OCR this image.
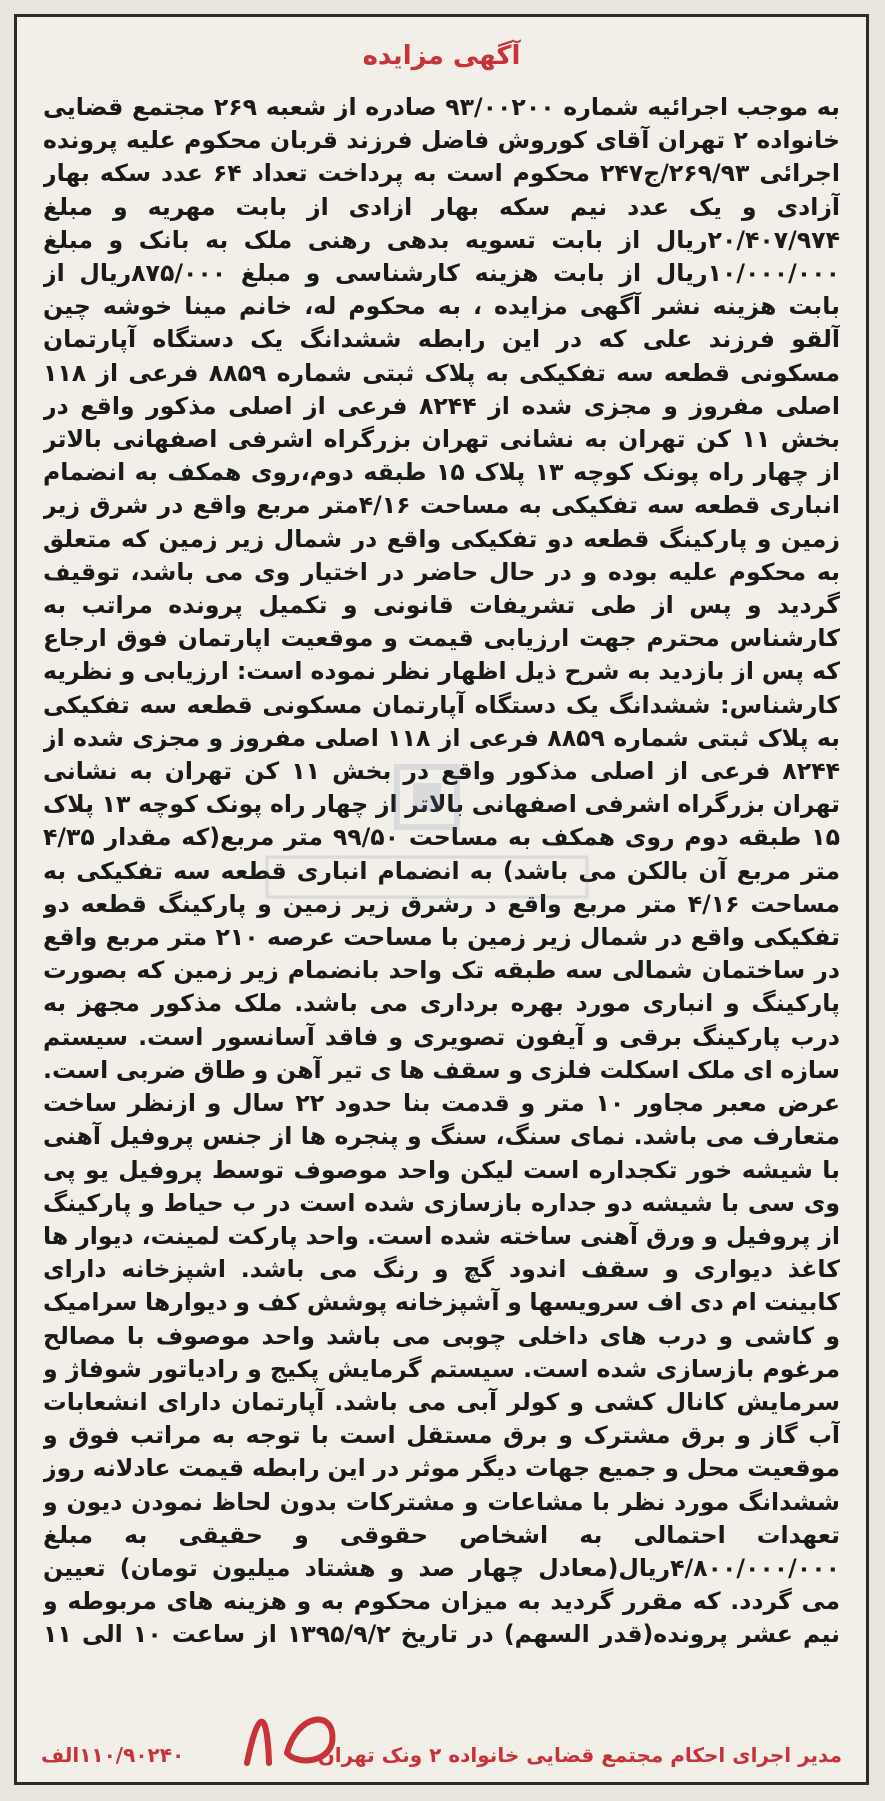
آگهی مزایده
به موجب اجرائیه شماره ۹۳/۰۰۲۰۰ صادره از شعبه ۲۶۹ مجتمع قضایی خانواده ۲ تهران آقای کوروش فاضل فرزند قربان محکوم علیه پرونده اجرائی ۲۶۹/۹۳/ج۲۴۷ محکوم است به پرداخت تعداد ۶۴ عدد سکه بهار آزادی و یک عدد نیم سکه بهار ازادی از بابت مهریه و مبلغ ۲۰/۴۰۷/۹۷۴ریال از بابت تسویه بدهی رهنی ملک به بانک و مبلغ ۱۰/۰۰۰/۰۰۰ریال از بابت هزینه کارشناسی و مبلغ ۸۷۵/۰۰۰ریال از بابت هزینه نشر آگهی مزایده ، به محکوم له، خانم مینا خوشه چین آلقو فرزند علی که در این رابطه ششدانگ یک دستگاه آپارتمان مسکونی قطعه سه تفکیکی به پلاک ثبتی شماره ۸۸۵۹ فرعی از ۱۱۸ اصلی مفروز و مجزی شده از ۸۲۴۴ فرعی از اصلی مذکور واقع در بخش ۱۱ کن تهران به نشانی تهران بزرگراه اشرفی اصفهانی بالاتر از چهار راه پونک کوچه ۱۳ پلاک ۱۵ طبقه دوم،روی همکف به انضمام انباری قطعه سه تفکیکی به مساحت ۴/۱۶متر مربع واقع در شرق زیر زمین و پارکینگ قطعه دو تفکیکی واقع در شمال زیر زمین که متعلق به محکوم علیه بوده و در حال حاضر در اختیار وی می باشد، توقیف گردید و پس از طی تشریفات قانونی و تکمیل پرونده مراتب به کارشناس محترم جهت ارزیابی قیمت و موقعیت اپارتمان فوق ارجاع که پس از بازدید به شرح ذیل اظهار نظر نموده است: ارزیابی و نظریه کارشناس: ششدانگ یک دستگاه آپارتمان مسکونی قطعه سه تفکیکی به پلاک ثبتی شماره ۸۸۵۹ فرعی از ۱۱۸ اصلی مفروز و مجزی شده از ۸۲۴۴ فرعی از اصلی مذکور واقع در بخش ۱۱ کن تهران به نشانی تهران بزرگراه اشرفی اصفهانی بالاتر از چهار راه پونک کوچه ۱۳ پلاک ۱۵ طبقه دوم روی همکف به مساحت ۹۹/۵۰ متر مربع(که مقدار ۴/۳۵ متر مربع آن بالکن می باشد) به انضمام انباری قطعه سه تفکیکی به مساحت ۴/۱۶ متر مربع واقع د رشرق زیر زمین و پارکینگ قطعه دو تفکیکی واقع در شمال زیر زمین با مساحت عرصه ۲۱۰ متر مربع واقع در ساختمان شمالی سه طبقه تک واحد بانضمام زیر زمین که بصورت پارکینگ و انباری مورد بهره برداری می باشد. ملک مذکور مجهز به درب پارکینگ برقی و آیفون تصویری و فاقد آسانسور است. سیستم سازه ای ملک اسکلت فلزی و سقف ها ی تیر آهن و طاق ضربی است. عرض معبر مجاور ۱۰ متر و قدمت بنا حدود ۲۲ سال و ازنظر ساخت متعارف می باشد. نمای سنگ، سنگ و پنجره ها از جنس پروفیل آهنی با شیشه خور تکجداره است لیکن واحد موصوف توسط پروفیل یو پی وی سی با شیشه دو جداره بازسازی شده است در ب حیاط و پارکینگ از پروفیل و ورق آهنی ساخته شده است. واحد پارکت لمینت، دیوار ها کاغذ دیواری و سقف اندود گچ و رنگ می باشد. اشپزخانه دارای کابینت ام دی اف سرویسها و آشپزخانه پوشش کف و دیوارها سرامیک و کاشی و درب های داخلی چوبی می باشد واحد موصوف با مصالح مرغوم بازسازی شده است. سیستم گرمایش پکیج و رادیاتور شوفاژ و سرمایش کانال کشی و کولر آبی می باشد. آپارتمان دارای انشعابات آب گاز و برق مشترک و برق مستقل است با توجه به مراتب فوق و موقعیت محل و جمیع جهات دیگر موثر در این رابطه قیمت عادلانه روز ششدانگ مورد نظر با مشاعات و مشترکات بدون لحاظ نمودن دیون و تعهدات احتمالی به اشخاص حقوقی و حقیقی به مبلغ ۴/۸۰۰/۰۰۰/۰۰۰ریال(معادل چهار صد و هشتاد میلیون تومان) تعیین می گردد. که مقرر گردید به میزان محکوم به و هزینه های مربوطه و نیم عشر پرونده(قدر السهم) در تاریخ ۱۳۹۵/۹/۲ از ساعت ۱۰ الی ۱۱
مدیر اجرای احکام مجتمع قضایی خانواده ۲ ونک تهران
۱۱۰/۹۰۲۴۰الف
